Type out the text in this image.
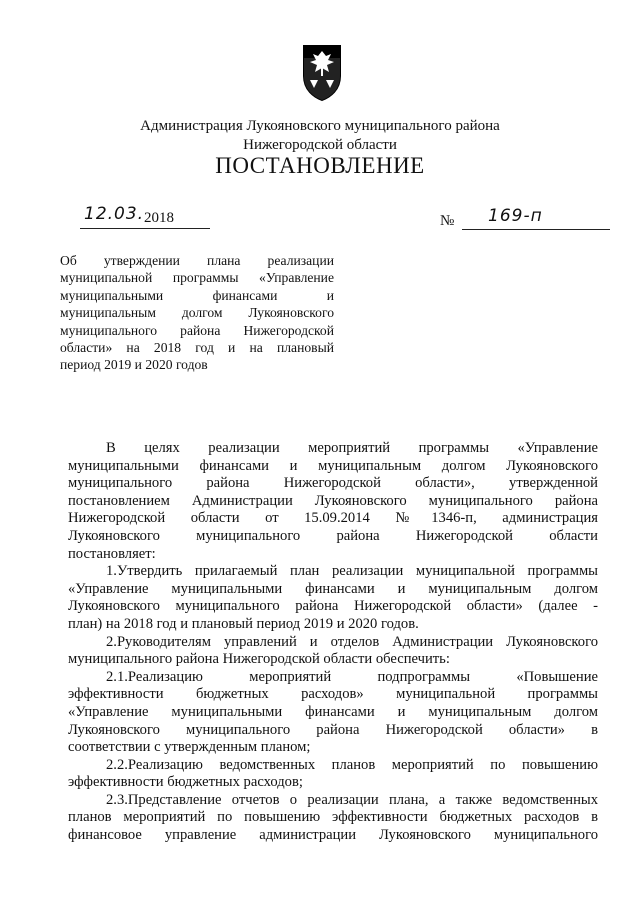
Администрация Лукояновского муниципального района
Нижегородской области
ПОСТАНОВЛЕНИЕ
12.03. 2018	№ 169-п
Об утверждении плана реализации
муниципальной программы «Управление
муниципальными финансами и
муниципальным долгом Лукояновского
муниципального района Нижегородской
области» на 2018 год и на плановый
период 2019 и 2020 годов
В целях реализации мероприятий программы «Управление
муниципальными финансами и муниципальным долгом Лукояновского
муниципального района Нижегородской области», утвержденной
постановлением Администрации Лукояновского муниципального района
Нижегородской области от 15.09.2014 №1346-п, администрация
Лукояновского муниципального района Нижегородской области
постановляет:
1.Утвердить прилагаемый план реализации муниципальной программы
«Управление муниципальными финансами и муниципальным долгом
Лукояновского муниципального района Нижегородской области» (далее -
план) на 2018 год и плановый период 2019 и 2020 годов.
2.Руководителям управлений и отделов Администрации Лукояновского
муниципального района Нижегородской области обеспечить:
2.1.Реализацию мероприятий подпрограммы «Повышение
эффективности бюджетных расходов» муниципальной программы
«Управление муниципальными финансами и муниципальным долгом
Лукояновского муниципального района Нижегородской области» в
соответствии с утвержденным планом;
2.2.Реализацию ведомственных планов мероприятий по повышению
эффективности бюджетных расходов;
2.3.Представление отчетов о реализации плана, а также ведомственных
планов мероприятий по повышению эффективности бюджетных расходов в
финансовое управление администрации Лукояновского муниципального
